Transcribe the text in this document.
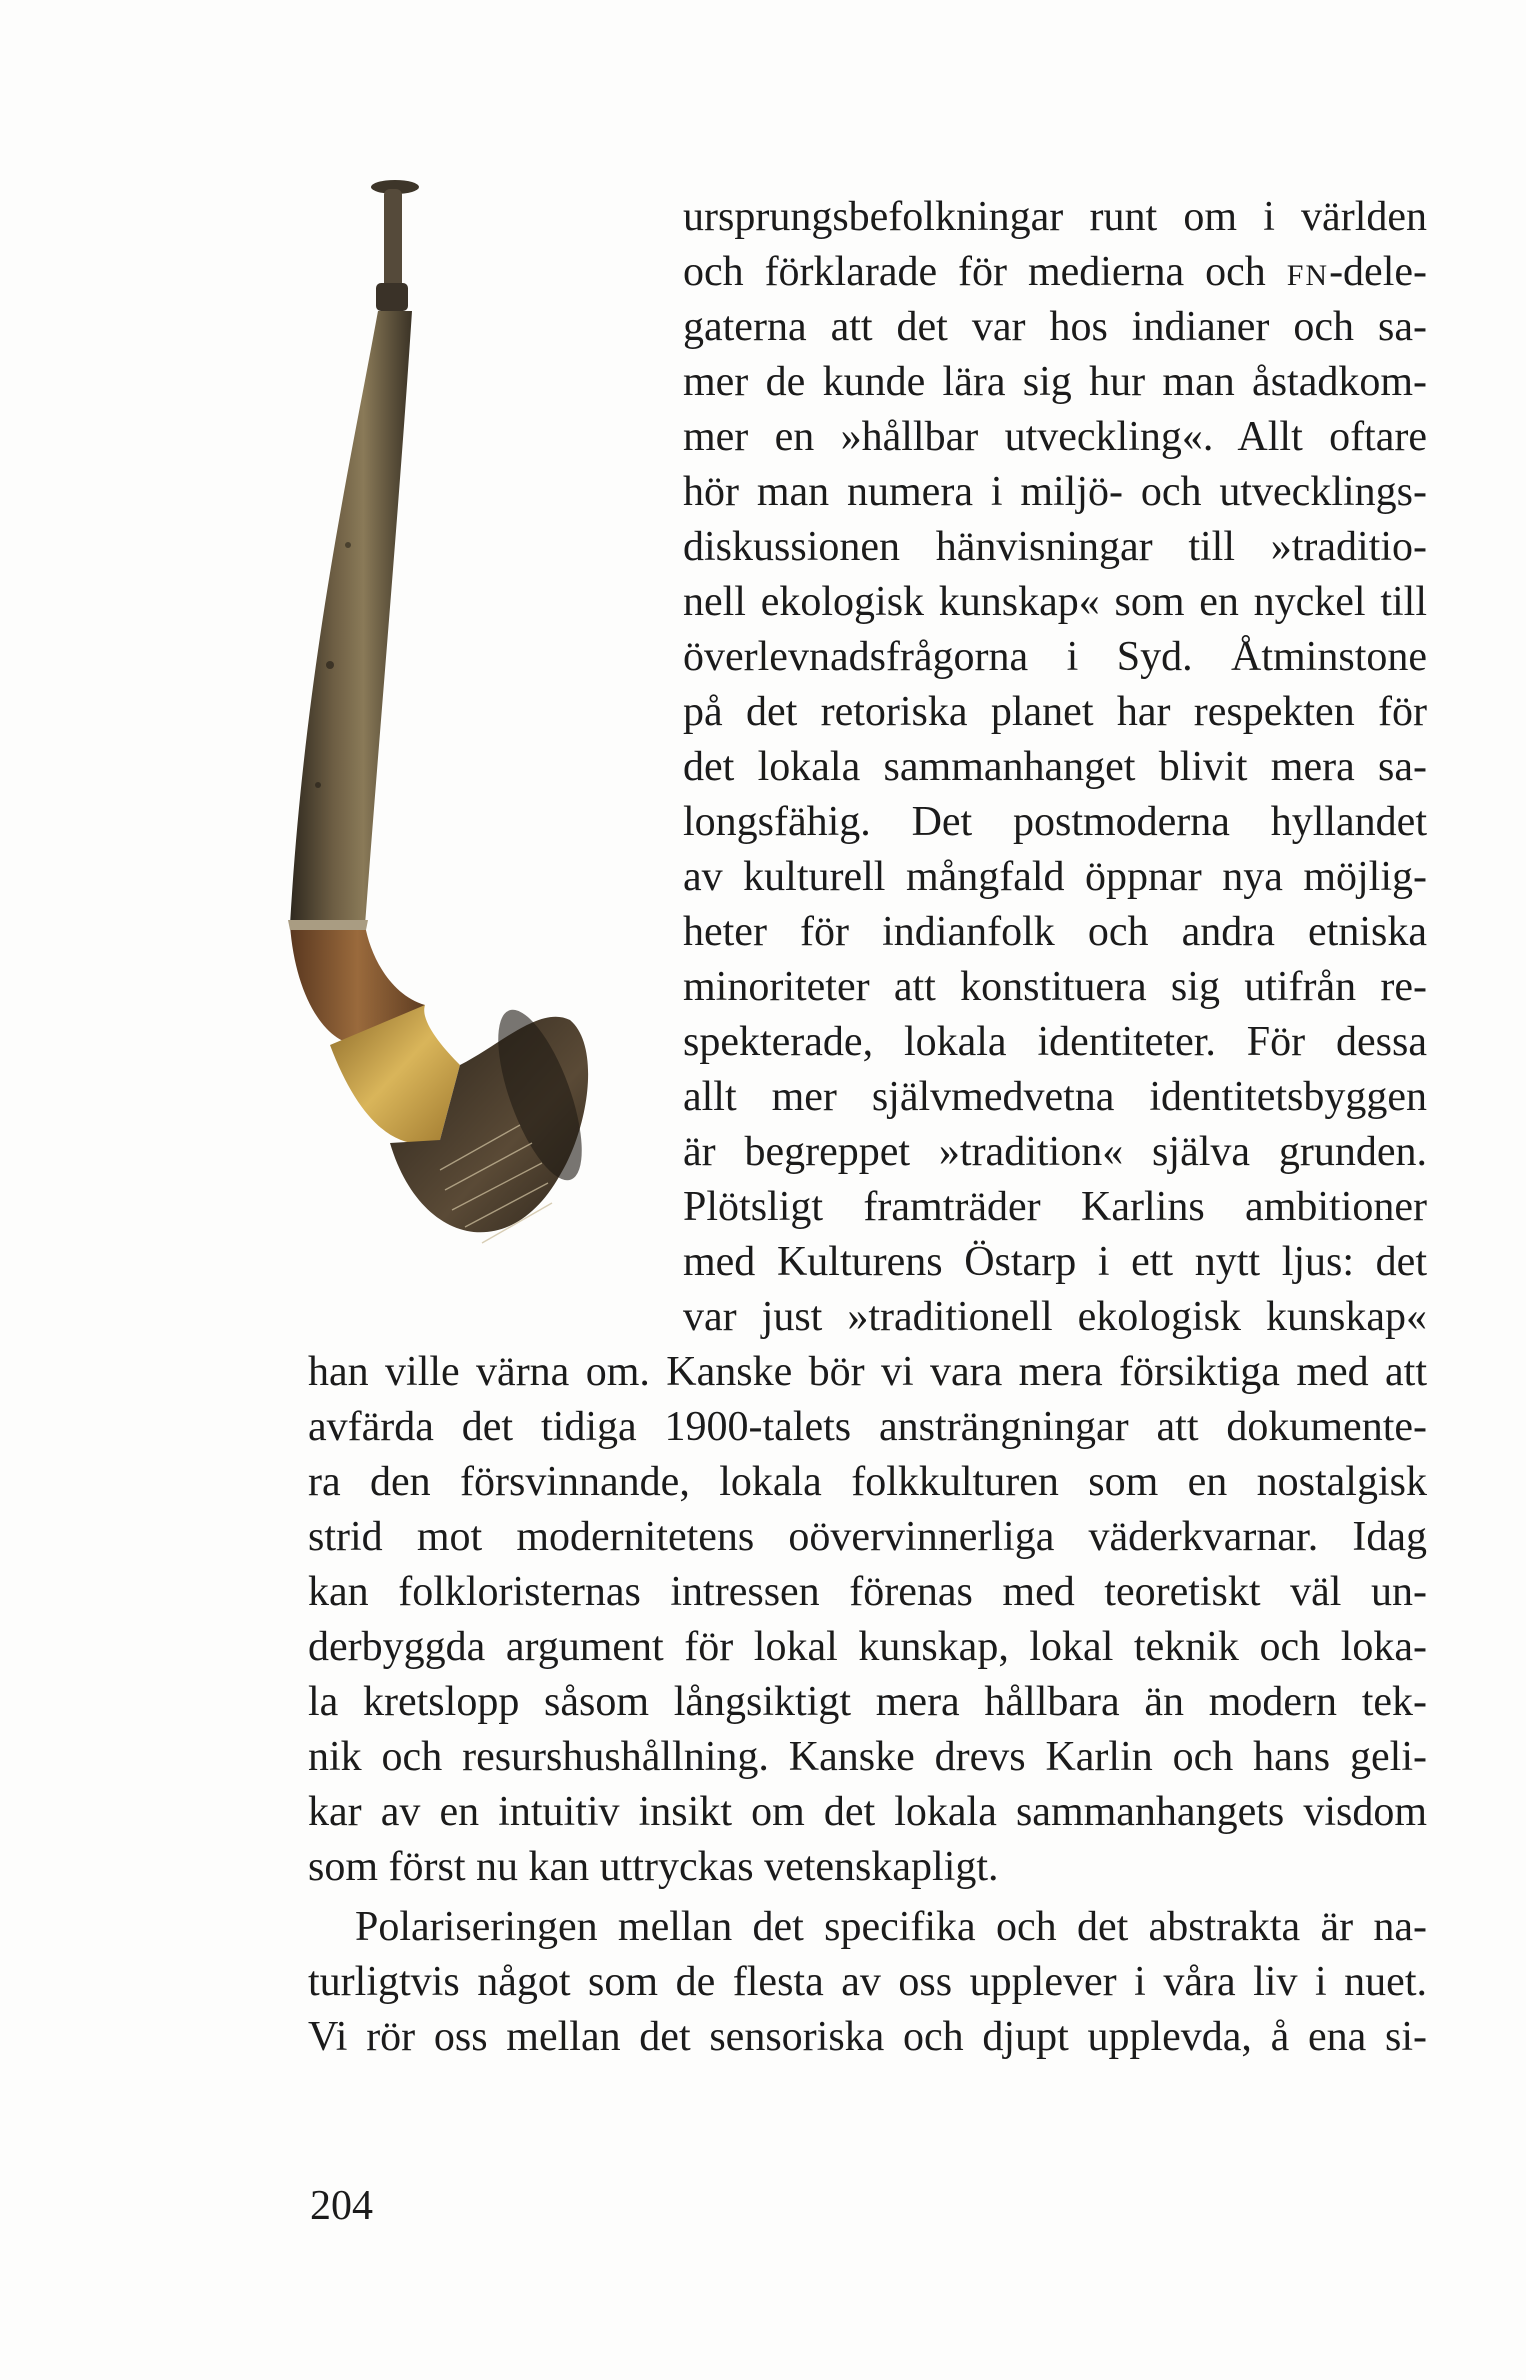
ursprungsbefolkningar runt om i världen
och förklarade för medierna och FN-dele-
gaterna att det var hos indianer och sa-
mer de kunde lära sig hur man åstadkom-
mer en »hållbar utveckling«. Allt oftare
hör man numera i miljö- och utvecklings-
diskussionen hänvisningar till »traditio-
nell ekologisk kunskap« som en nyckel till
överlevnadsfrågorna i Syd. Åtminstone
på det retoriska planet har respekten för
det lokala sammanhanget blivit mera sa-
longsfähig. Det postmoderna hyllandet
av kulturell mångfald öppnar nya möjlig-
heter för indianfolk och andra etniska
minoriteter att konstituera sig utifrån re-
spekterade, lokala identiteter. För dessa
allt mer självmedvetna identitetsbyggen
är begreppet »tradition« själva grunden.
Plötsligt framträder Karlins ambitioner
med Kulturens Östarp i ett nytt ljus: det
var just »traditionell ekologisk kunskap«
han ville värna om. Kanske bör vi vara mera försiktiga med att
avfärda det tidiga 1900-talets ansträngningar att dokumente-
ra den försvinnande, lokala folkkulturen som en nostalgisk
strid mot modernitetens oövervinnerliga väderkvarnar. Idag
kan folkloristernas intressen förenas med teoretiskt väl un-
derbyggda argument för lokal kunskap, lokal teknik och loka-
la kretslopp såsom långsiktigt mera hållbara än modern tek-
nik och resurshushållning. Kanske drevs Karlin och hans geli-
kar av en intuitiv insikt om det lokala sammanhangets visdom
som först nu kan uttryckas vetenskapligt.
Polariseringen mellan det specifika och det abstrakta är na-
turligtvis något som de flesta av oss upplever i våra liv i nuet.
Vi rör oss mellan det sensoriska och djupt upplevda, å ena si-
204
